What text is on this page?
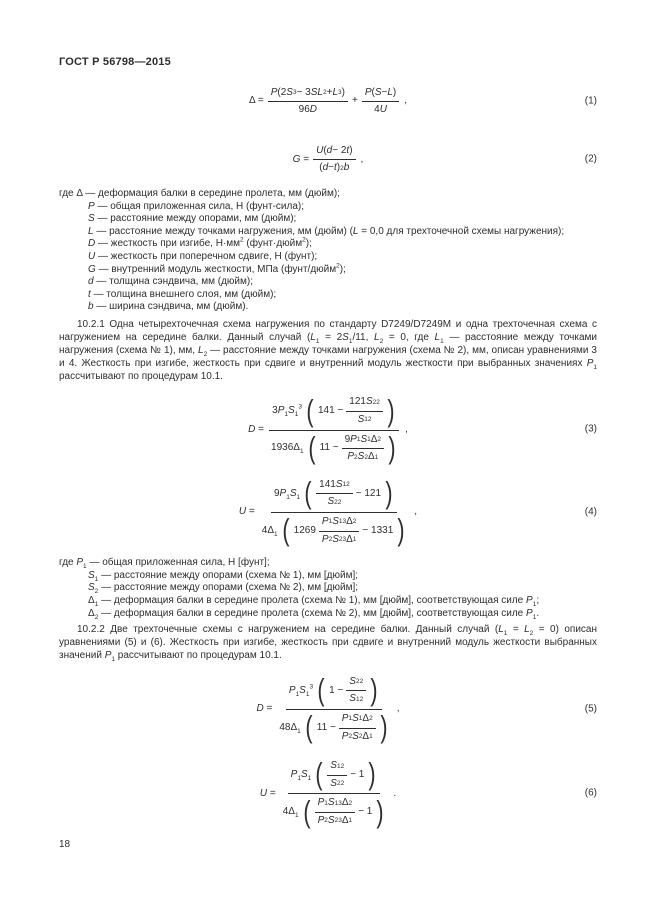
ГОСТ Р 56798—2015
$\Delta = \frac{P (2 S 3 - 3 SL 2 + L 3 )}{96 D} + \frac{P ( S - L )}{4 U}$ ,	(1)
$G = \frac{U ( d - 2 t )}{( d - t ) 2 b}$ ,	(2)
где Δ — деформация балки в середине пролета, мм (дюйм);
P — общая приложенная сила, Н (фунт-сила);
S — расстояние между опорами, мм (дюйм);
L — расстояние между точками нагружения, мм (дюйм) (L = 0,0 для трехточечной схемы нагружения);
D — жесткость при изгибе, $Н\cdot мм^2$ (фунт·дюйм$^2$);
U — жесткость при поперечном сдвиге, Н (фунт);
G — внутренний модуль жесткости, МПа (фунт/дюйм$^2$);
d — толщина сэндвича, мм (дюйм);
t — толщина внешнего слоя, мм (дюйм);
b — ширина сэндвича, мм (дюйм).
10.2.1 Одна четырехточечная схема нагружения по стандарту D7249/D7249M и одна трехточечная схема с нагружением на середине балки. Данный случай ($L_1 = 2S_1/11$, $L_2 = 0$, где $L_1$ — расстояние между точками нагружения (схема № 1), мм, $L_2$ — расстояние между точками нагружения (схема № 2), мм, описан уравнениями 3 и 4. Жесткость при изгибе, жесткость при сдвиге и внутренний модуль жесткости при выбранных значениях $P_1$ рассчитывают по процедурам 10.1.
D =
$3P_1S_1^3$ ( $141 - \frac{121 S 2 2}{S 1 2}$ )
$1936\Delta_1$ ( $11 - \frac{9 P 1 S 1 \Delta 2}{P 2 S 2 \Delta 1}$ )
,	(3)
U =
$9P_1S_1$ ( $\frac{141 S 1 2}{S 2 2} - 121$ )
$4\Delta_1$ ( $1269 \frac{P 1 S 1 3 \Delta 2}{P 2 S 2 3 \Delta 1} - 1331$ )
,	(4)
где $P_1$ — общая приложенная сила, Н [фунт];
$S_1$ — расстояние между опорами (схема № 1), мм [дюйм];
$S_2$ — расстояние между опорами (схема № 2), мм [дюйм];
$\Delta_1$ — деформация балки в середине пролета (схема № 1), мм [дюйм], соответствующая силе $P_1$;
$\Delta_2$ — деформация балки в середине пролета (схема № 2), мм [дюйм], соответствующая силе $P_1$.
10.2.2 Две трехточечные схемы с нагружением на середине балки. Данный случай $(L_1 = L_2 = 0)$ описан уравнениями (5) и (6). Жесткость при изгибе, жесткость при сдвиге и внутренний модуль жесткости выбранных значений $P_1$ рассчитывают по процедурам 10.1.
D =
$P_1S_1^3$ ( $1 - \frac{S 2 2}{S 1 2}$ )
$48\Delta_1$ ( $11 - \frac{P 1 S 1 \Delta 2}{P 2 S 2 \Delta 1}$ )
,	(5)
U =
$P_1S_1$ ( $\frac{S 1 2}{S 2 2} - 1$ )
$4\Delta_1$ ( $\frac{P 1 S 1 3 \Delta 2}{P 2 S 2 3 \Delta 1} - 1$ )
.	(6)
18
